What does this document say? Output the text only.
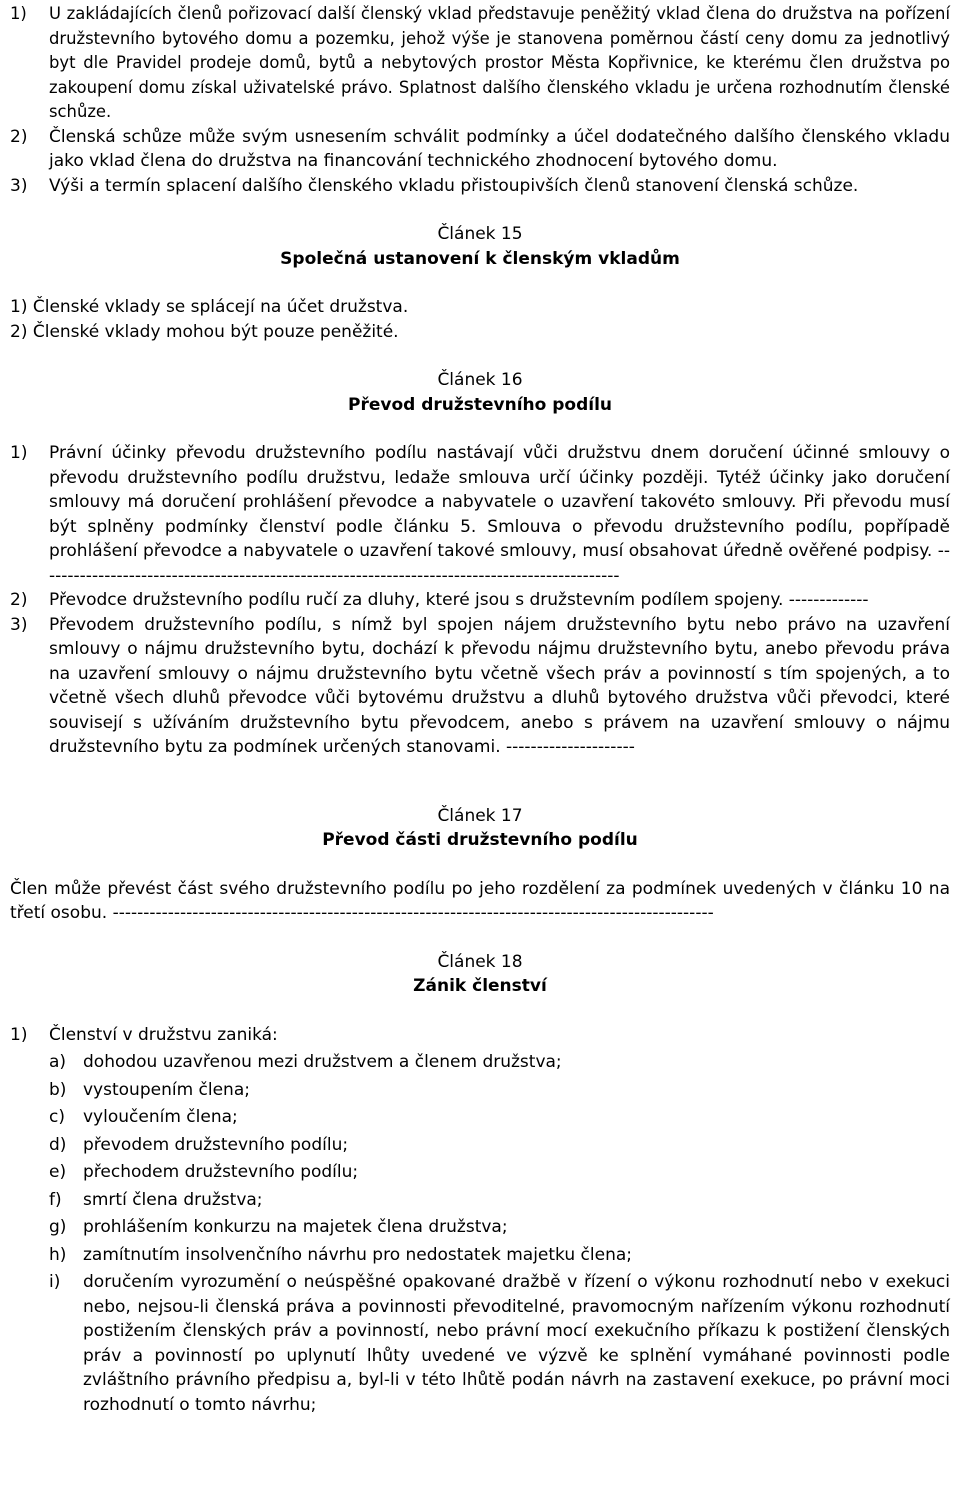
1) U zakládajících členů pořizovací další členský vklad představuje peněžitý vklad člena do družstva na pořízení družstevního bytového domu a pozemku, jehož výše je stanovena poměrnou částí ceny domu za jednotlivý byt dle Pravidel prodeje domů, bytů a nebytových prostor Města Kopřivnice, ke kterému člen družstva po zakoupení domu získal uživatelské právo. Splatnost dalšího členského vkladu je určena rozhodnutím členské schůze.
2) Členská schůze může svým usnesením schválit podmínky a účel dodatečného dalšího členského vkladu jako vklad člena do družstva na financování technického zhodnocení bytového domu.
3) Výši a termín splacení dalšího členského vkladu přistoupivších členů stanovení členská schůze.
Článek 15
Společná ustanovení k členským vkladům
1) Členské vklady se splácejí na účet družstva.
2) Členské vklady mohou být pouze peněžité.
Článek 16
Převod družstevního podílu
1) Právní účinky převodu družstevního podílu nastávají vůči družstvu dnem doručení účinné smlouvy o převodu družstevního podílu družstvu, ledaže smlouva určí účinky později. Tytéž účinky jako doručení smlouvy má doručení prohlášení převodce a nabyvatele o uzavření takovéto smlouvy. Při převodu musí být splněny podmínky členství podle článku 5. Smlouva o převodu družstevního podílu, popřípadě prohlášení převodce a nabyvatele o uzavření takové smlouvy, musí obsahovat úředně ověřené podpisy. -----------------------------------------------------------------------------------------------
2) Převodce družstevního podílu ručí za dluhy, které jsou s družstevním podílem spojeny. -------------
3) Převodem družstevního podílu, s nímž byl spojen nájem družstevního bytu nebo právo na uzavření smlouvy o nájmu družstevního bytu, dochází k převodu nájmu družstevního bytu, anebo převodu práva na uzavření smlouvy o nájmu družstevního bytu včetně všech práv a povinností s tím spojených, a to včetně všech dluhů převodce vůči bytovému družstvu a dluhů bytového družstva vůči převodci, které souvisejí s užíváním družstevního bytu převodcem, anebo s právem na uzavření smlouvy o nájmu družstevního bytu za podmínek určených stanovami. ---------------------
Článek 17
Převod části družstevního podílu
Člen může převést část svého družstevního podílu po jeho rozdělení za podmínek uvedených v článku 10 na třetí osobu. --------------------------------------------------------------------------------------------------
Článek 18
Zánik členství
1) Členství v družstvu zaniká:
a) dohodou uzavřenou mezi družstvem a členem družstva;
b) vystoupením člena;
c) vyloučením člena;
d) převodem družstevního podílu;
e) přechodem družstevního podílu;
f) smrtí člena družstva;
g) prohlášením konkurzu na majetek člena družstva;
h) zamítnutím insolvenčního návrhu pro nedostatek majetku člena;
i) doručením vyrozumění o neúspěšné opakované dražbě v řízení o výkonu rozhodnutí nebo v exekuci nebo, nejsou-li členská práva a povinnosti převoditelné, pravomocným nařízením výkonu rozhodnutí postižením členských práv a povinností, nebo právní mocí exekučního příkazu k postižení členských práv a povinností po uplynutí lhůty uvedené ve výzvě ke splnění vymáhané povinnosti podle zvláštního právního předpisu a, byl-li v této lhůtě podán návrh na zastavení exekuce, po právní moci rozhodnutí o tomto návrhu;
